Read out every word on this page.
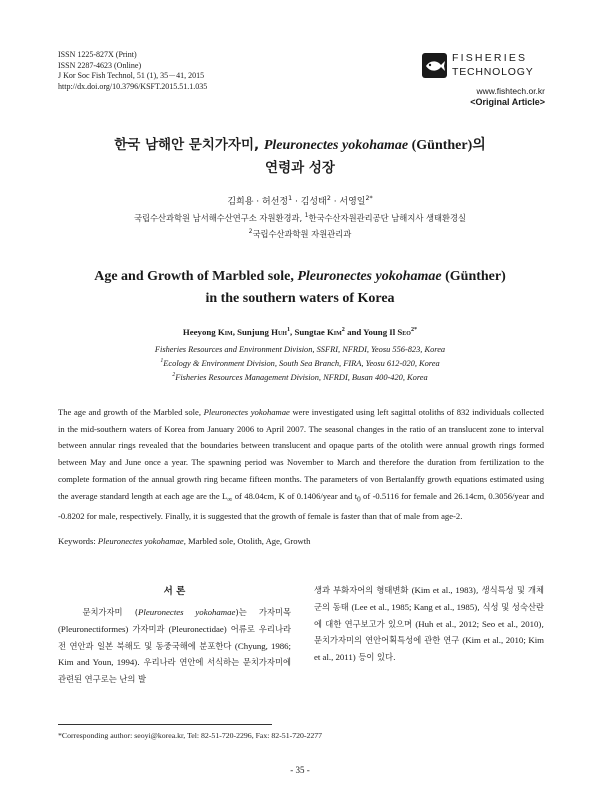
ISSN 1225-827X (Print)
ISSN 2287-4623 (Online)
J Kor Soc Fish Technol, 51 (1), 35－41, 2015
http://dx.doi.org/10.3796/KSFT.2015.51.1.035
FISHERIES
TECHNOLOGY
www.fishtech.or.kr
<Original Article>
한국 남해안 문치가자미, Pleuronectes yokohamae (Günther)의
연령과 성장
김희용 · 허선정$^1$ · 김성태$^2$ · 서영일$^{2*}$
국립수산과학원 남서해수산연구소 자원환경과, $^1$한국수산자원관리공단 남해지사 생태환경실
$^2$국립수산과학원 자원관리과
Age and Growth of Marbled sole, Pleuronectes yokohamae (Günther)
in the southern waters of Korea
Heeyong Kim, Sunjung Huh$^1$, Sungtae Kim$^2$ and Young Il Seo$^{2*}$
Fisheries Resources and Environment Division, SSFRI, NFRDI, Yeosu 556-823, Korea
$^1$Ecology & Environment Division, South Sea Branch, FIRA, Yeosu 612-020, Korea
$^2$Fisheries Resources Management Division, NFRDI, Busan 400-420, Korea
The age and growth of the Marbled sole, Pleuronectes yokohamae were investigated using left sagittal otoliths of 832 individuals collected in the mid-southern waters of Korea from January 2006 to April 2007. The seasonal changes in the ratio of an translucent zone to interval between annular rings revealed that the boundaries between translucent and opaque parts of the otolith were annual growth rings formed between May and June once a year. The spawning period was November to March and therefore the duration from fertilization to the complete formation of the annual growth ring became fifteen months. The parameters of von Bertalanffy growth equations estimated using the average standard length at each age are the $L_\infty$ of 48.04cm, K of 0.1406/year and $t_0$ of -0.5116 for female and 26.14cm, 0.3056/year and -0.8202 for male, respectively. Finally, it is suggested that the growth of female is faster than that of male from age-2.
Keywords: Pleuronectes yokohamae, Marbled sole, Otolith, Age, Growth
서 론
문치가자미 (Pleuronectes yokohamae)는 가자미목 (Pleuronectiformes) 가자미과 (Pleuronectidae) 어류로 우리나라 전 연안과 일본 북해도 및 동중국해에 분포한다 (Chyung, 1986; Kim and Youn, 1994). 우리나라 연안에 서식하는 문치가자미에 관련된 연구로는 난의 발
생과 부화자어의 형태변화 (Kim et al., 1983), 생식특성 및 개체군의 동태 (Lee et al., 1985; Kang et al., 1985), 식성 및 성숙산란에 대한 연구보고가 있으며 (Huh et al., 2012; Seo et al., 2010), 문치가자미의 연안어획특성에 관한 연구 (Kim et al., 2010; Kim et al., 2011) 등이 있다.
*Corresponding author: seoyi@korea.kr, Tel: 82-51-720-2296, Fax: 82-51-720-2277
- 35 -
